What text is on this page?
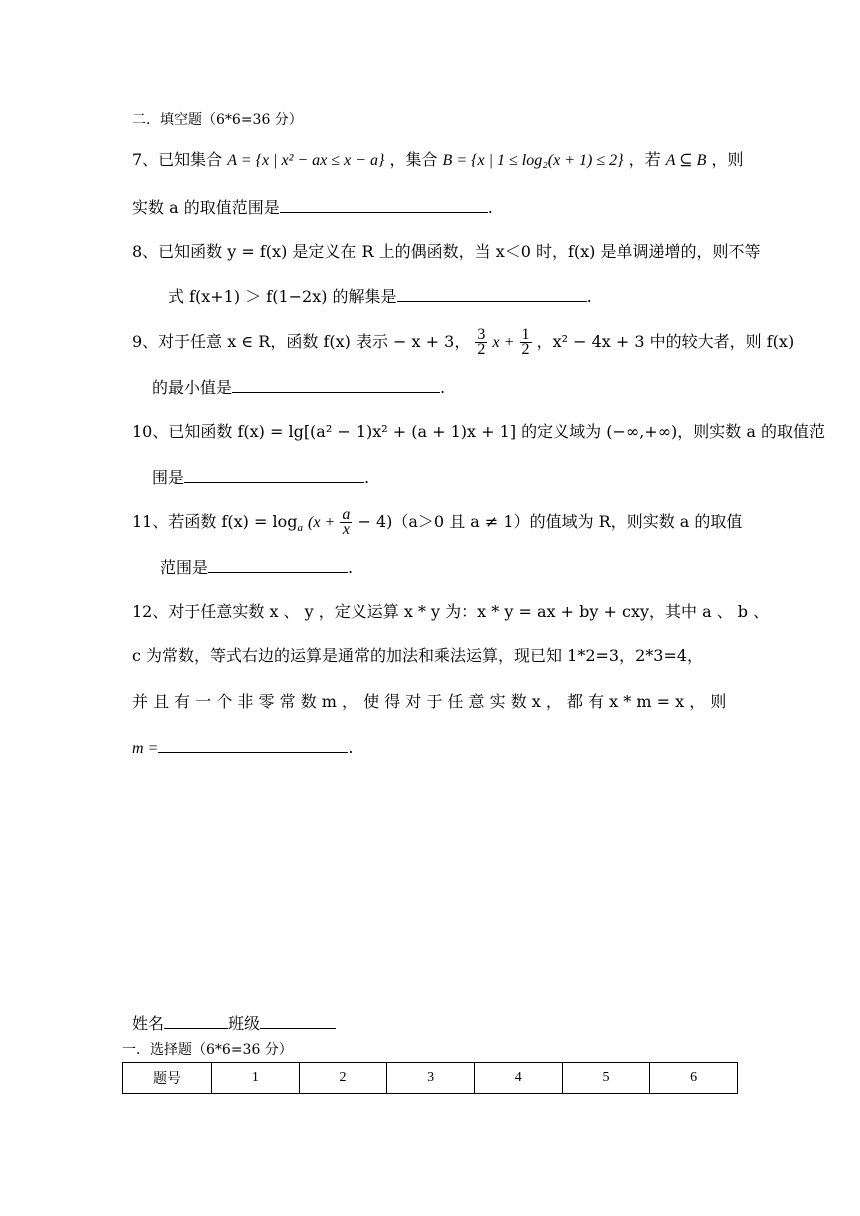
二．填空题（6*6=36 分）
7、已知集合 A = {x | x² − ax ≤ x − a} ，集合 B = {x | 1 ≤ log₂(x + 1) ≤ 2} ，若 A ⊆ B ，则
实数 a 的取值范围是	.
8、已知函数 y = f(x) 是定义在 R 上的偶函数，当 x＜0 时，f(x) 是单调递增的，则不等
式 f(x+1) ＞ f(1−2x) 的解集是	.
9、对于任意 x ∈ R，函数 f(x) 表示 − x + 3， $\frac{3}{2}$ $x + \frac{1}{2}$ ，x² − 4x + 3 中的较大者，则 f(x)
的最小值是	.
10、已知函数 f(x) = lg[(a² − 1)x² + (a + 1)x + 1] 的定义域为 (−∞,+∞)，则实数 a 的取值范
围是	.
11、若函数 $f(x) = \log_a (x + \frac{a}{x} - 4)(a>0$ 且 a ≠ 1）的值域为 R，则实数 a 的取值
范围是	.
12、对于任意实数 x 、 y ，定义运算 x * y 为：x * y = ax + by + cxy，其中 a 、 b 、
c 为常数，等式右边的运算是通常的加法和乘法运算，现已知 1*2=3，2*3=4，
并 且 有 一 个 非 零 常 数 m ， 使 得 对 于 任 意 实 数 x ， 都 有 x * m = x ， 则
m =	.
姓名	班级
一．选择题（6*6=36 分）
题号	1	2	3	4	5	6
